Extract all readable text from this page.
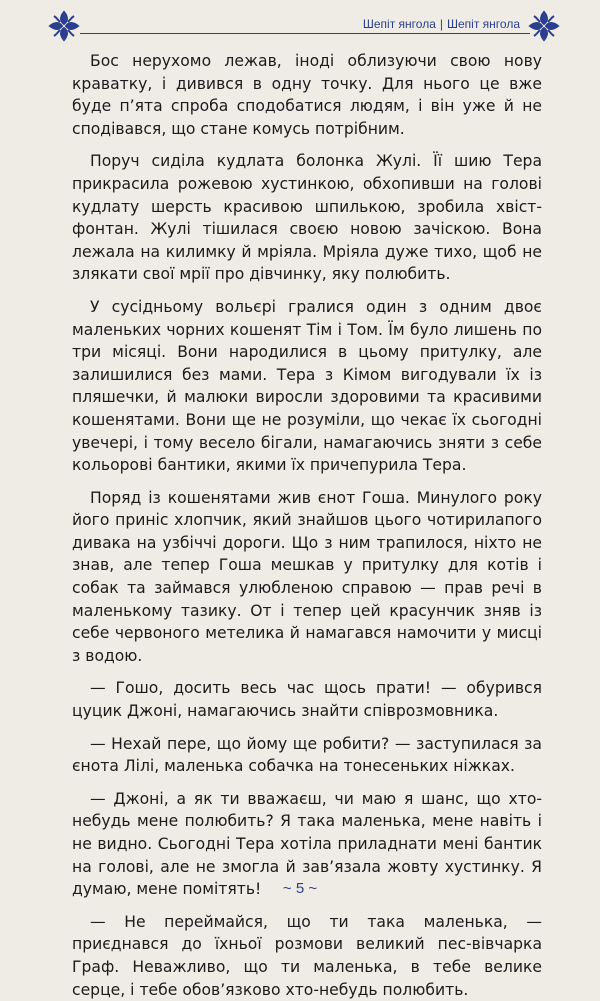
Шепіт янгола | Шепіт янгола

Бос нерухомо лежав, іноді облизуючи свою нову краватку, і дивився в одну точку. Для нього це вже буде п’ята спроба сподобатися людям, і він уже й не сподівався, що стане комусь потрібним.

Поруч сиділа кудлата болонка Жулі. Її шию Тера прикрасила рожевою хустинкою, обхопивши на голові кудлату шерсть красивою шпилькою, зробила хвіст-фонтан. Жулі тішилася своєю новою зачіскою. Вона лежала на килимку й мріяла. Мріяла дуже тихо, щоб не злякати свої мрії про дівчинку, яку полюбить.

У сусідньому вольєрі гралися один з одним двоє маленьких чорних кошенят Тім і Том. Їм було лишень по три місяці. Вони народилися в цьому притулку, але залишилися без мами. Тера з Кімом вигодували їх із пляшечки, й малюки виросли здоровими та красивими кошенятами. Вони ще не розуміли, що чекає їх сьогодні увечері, і тому весело бігали, намагаючись зняти з себе кольорові бантики, якими їх причепурила Тера.

Поряд із кошенятами жив єнот Гоша. Минулого року його приніс хлопчик, який знайшов цього чотирилапого дивака на узбіччі дороги. Що з ним трапилося, ніхто не знав, але тепер Гоша мешкав у притулку для котів і собак та займався улюбленою справою — прав речі в маленькому тазику. От і тепер цей красунчик зняв із себе червоного метелика й намагався намочити у мисці з водою.

— Гошо, досить весь час щось прати! — обурився цуцик Джоні, намагаючись знайти співрозмовника.

— Нехай пере, що йому ще робити? — заступилася за єнота Лілі, маленька собачка на тонесеньких ніжках.

— Джоні, а як ти вважаєш, чи маю я шанс, що хто-небудь мене полюбить? Я така маленька, мене навіть і не видно. Сьогодні Тера хотіла приладнати мені бантик на голові, але не змогла й зав’язала жовту хустинку. Я думаю, мене помітять!

— Не переймайся, що ти така маленька, — приєднався до їхньої розмови великий пес-вівчарка Граф. Неважливо, що ти маленька, в тебе велике серце, і тебе обов’язково хто-небудь полюбить.

~ 5 ~
